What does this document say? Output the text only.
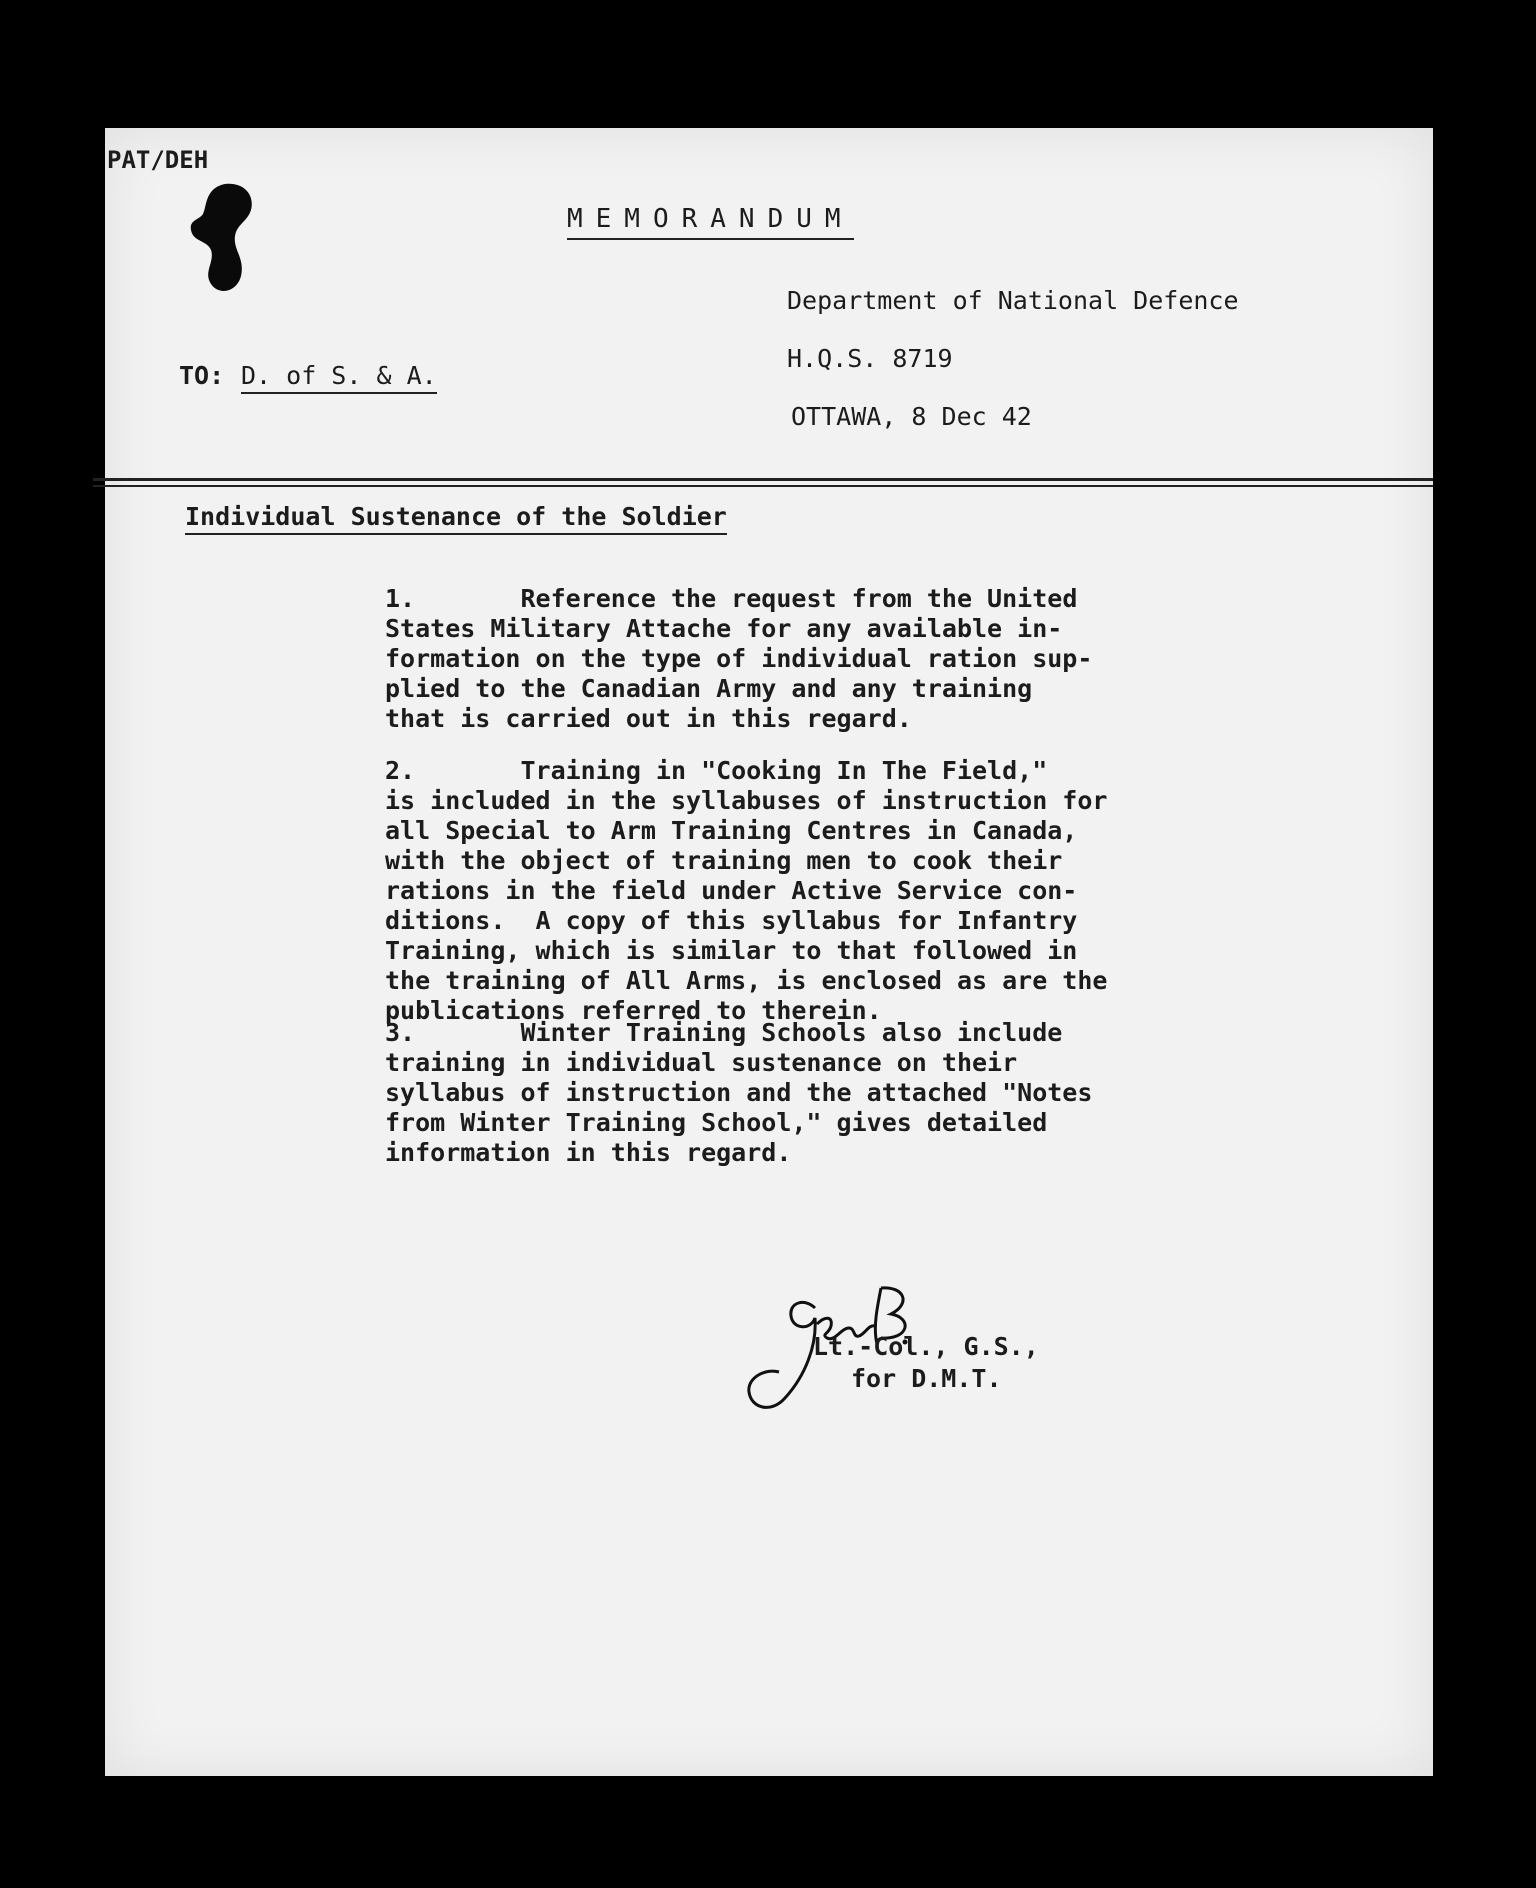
PAT/DEH
MEMORANDUM
Department of National Defence
H.Q.S. 8719
OTTAWA, 8 Dec 42
TO: D. of S. & A.
Individual Sustenance of the Soldier
1.	Reference the request from the United
States Military Attache for any available in-
formation on the type of individual ration sup-
plied to the Canadian Army and any training
that is carried out in this regard.
2.	Training in "Cooking In The Field,"
is included in the syllabuses of instruction for
all Special to Arm Training Centres in Canada,
with the object of training men to cook their
rations in the field under Active Service con-
ditions.  A copy of this syllabus for Infantry
Training, which is similar to that followed in
the training of All Arms, is enclosed as are the
publications referred to therein.
3.	Winter Training Schools also include
training in individual sustenance on their
syllabus of instruction and the attached "Notes
from Winter Training School," gives detailed
information in this regard.
Lt.-Col., G.S.,
for D.M.T.
